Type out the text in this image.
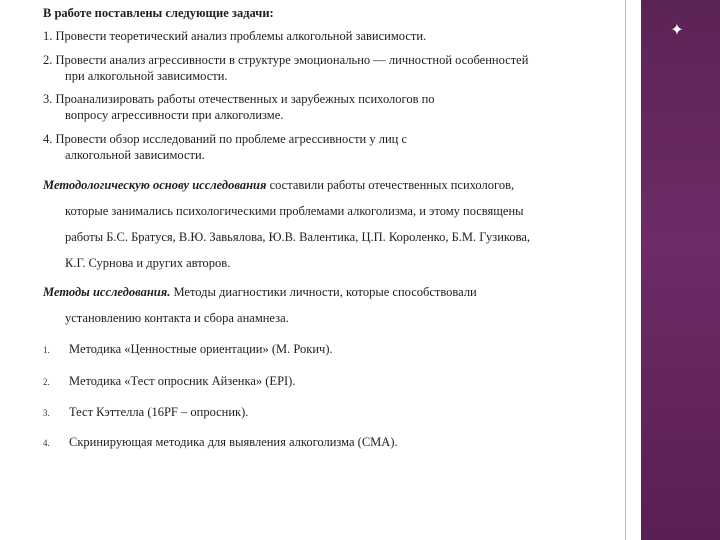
✦
В работе поставлены следующие задачи:
1. Провести теоретический анализ проблемы алкогольной зависимости.
2. Провести анализ агрессивности в структуре эмоционально — личностной особенностей
при алкогольной зависимости.
3. Проанализировать работы отечественных и зарубежных психологов по
вопросу агрессивности при алкоголизме.
4. Провести обзор исследований по проблеме агрессивности у лиц с
алкогольной зависимости.
Методологическую основу исследования составили работы отечественных психологов,
которые занимались психологическими проблемами алкоголизма, и этому посвящены
работы Б.С. Братуся, В.Ю. Завьялова, Ю.В. Валентика, Ц.П. Короленко, Б.М. Гузикова,
К.Г. Сурнова и других авторов.
Методы исследования. Методы диагностики личности, которые способствовали
установлению контакта и сбора анамнеза.
1. Методика «Ценностные ориентации» (М. Рокич).
2. Методика «Тест опросник Айзенка» (EPI).
3. Тест Кэттелла (16PF – опросник).
4. Скринирующая методика для выявления алкоголизма (СМА).
